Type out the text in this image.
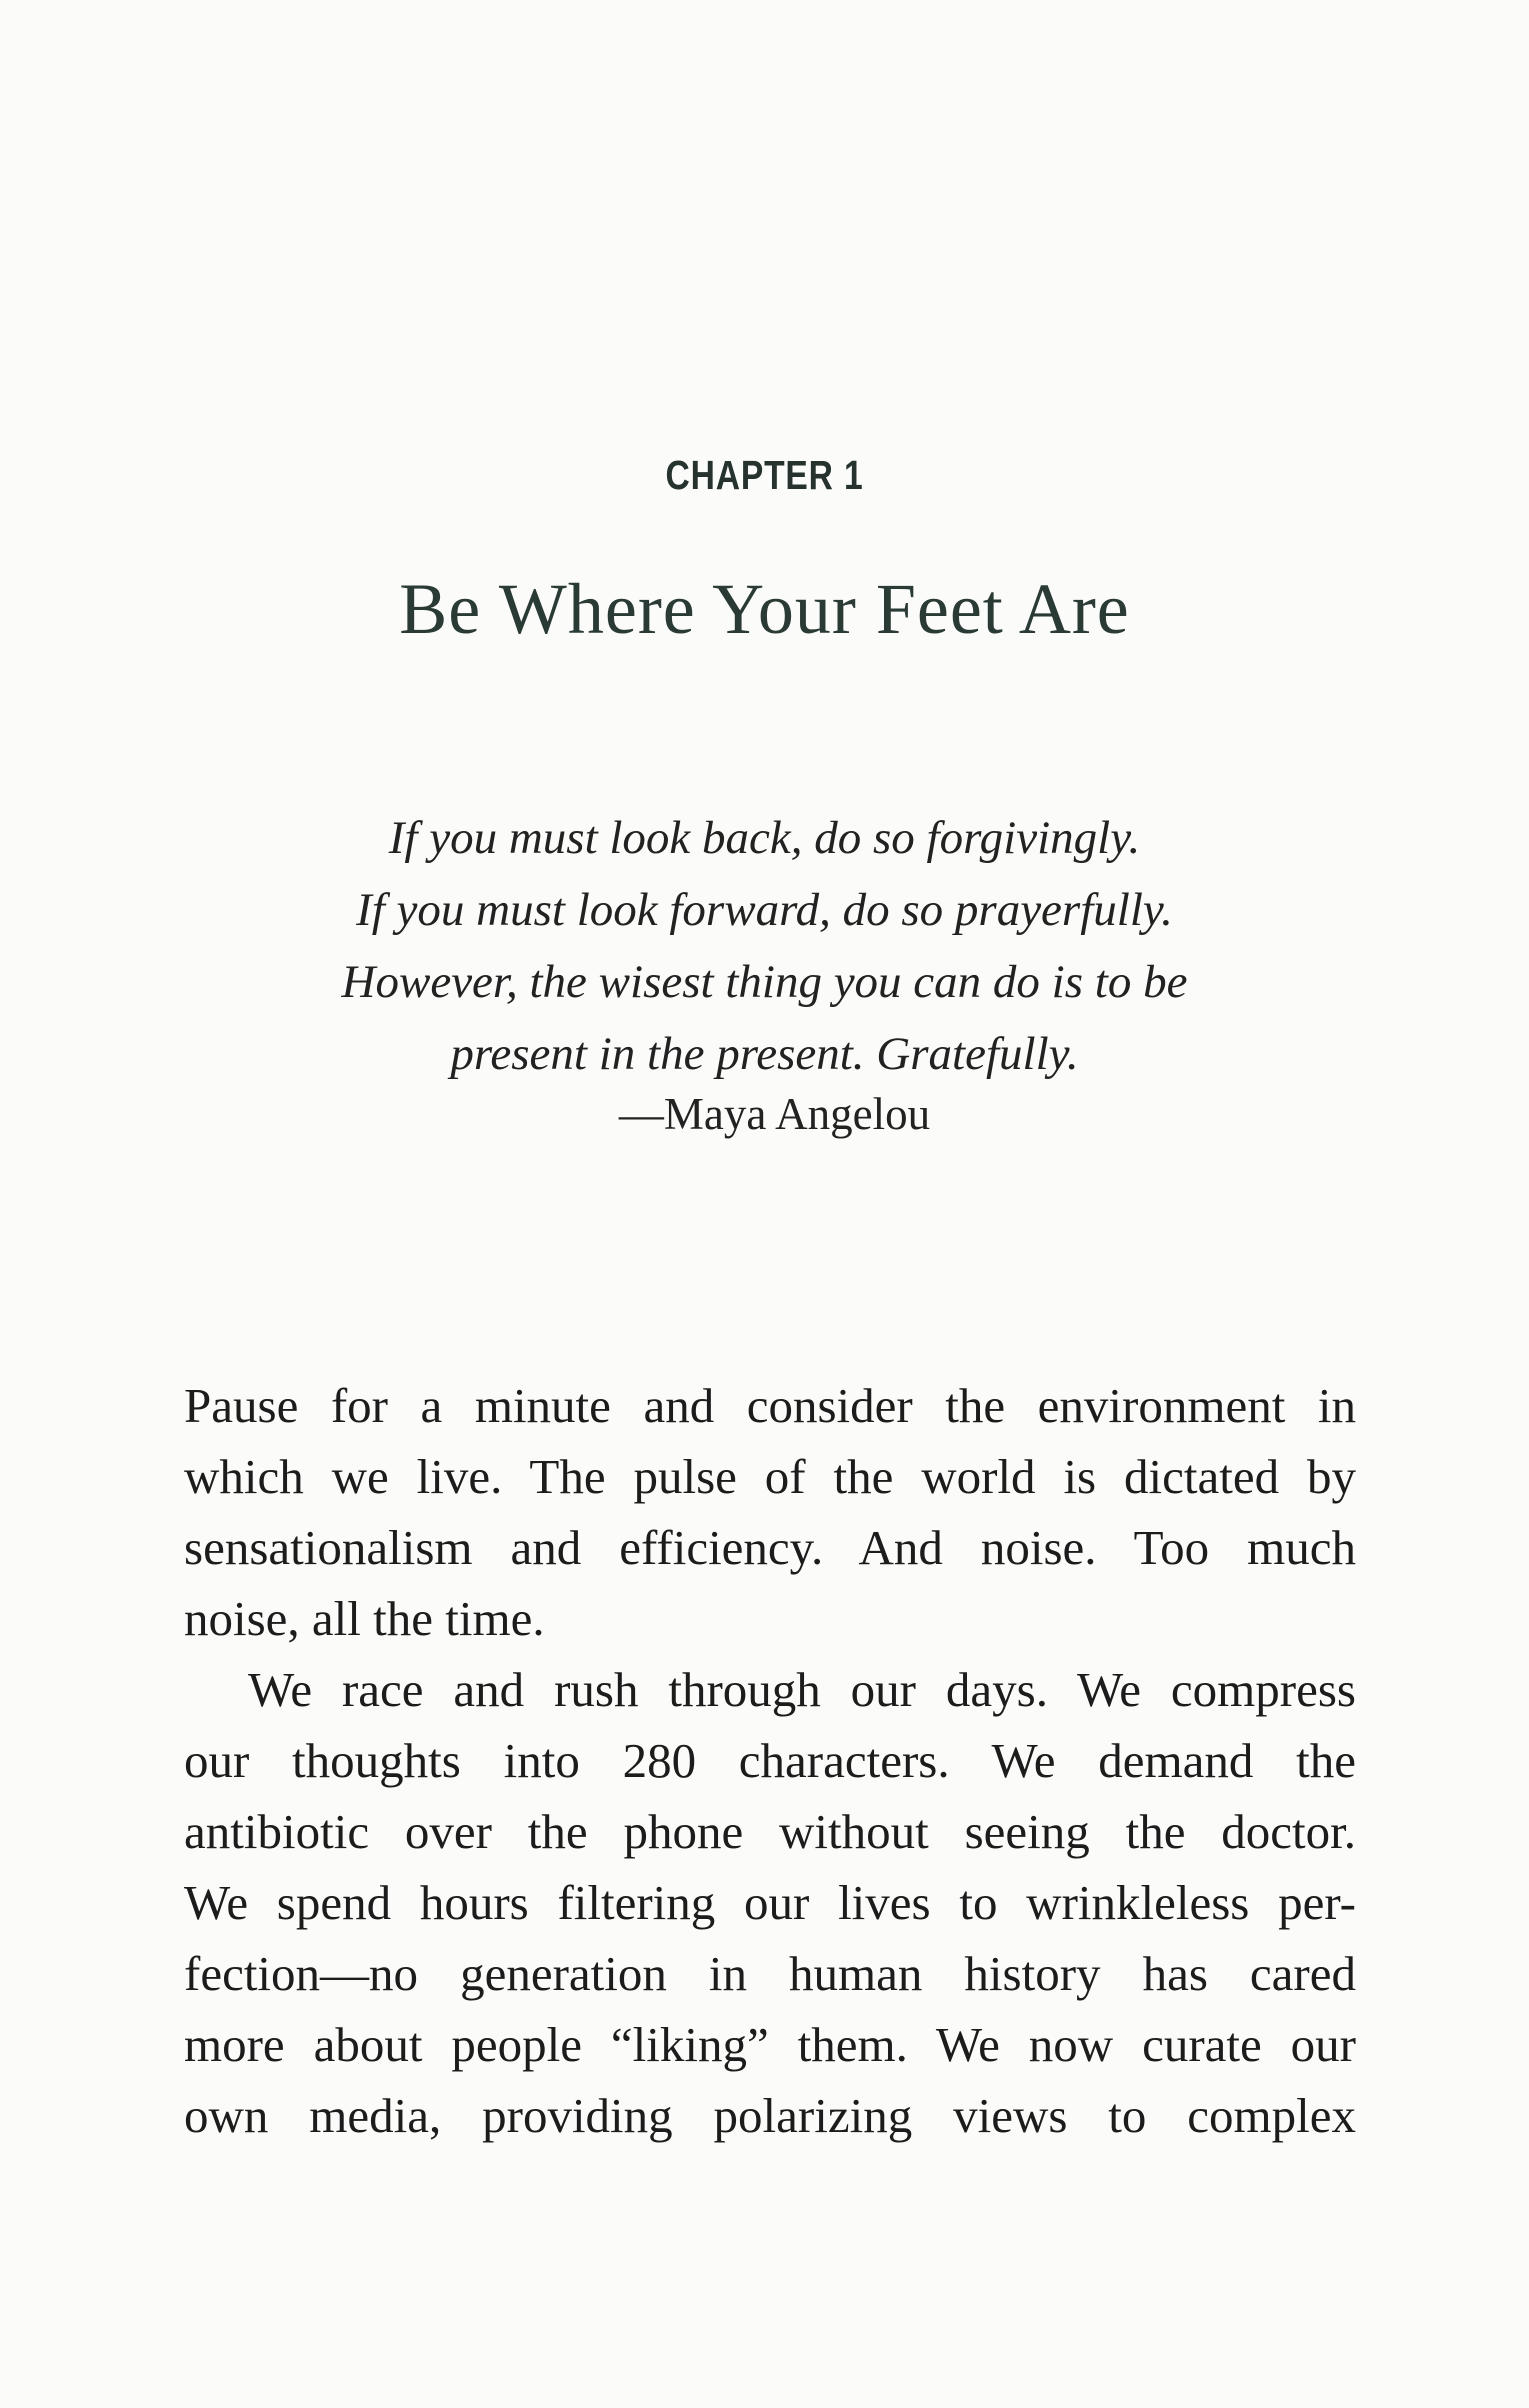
CHAPTER 1
Be Where Your Feet Are
If you must look back, do so forgivingly.
If you must look forward, do so prayerfully.
However, the wisest thing you can do is to be
present in the present. Gratefully.
—Maya Angelou
Pause for a minute and consider the environment in
which we live. The pulse of the world is dictated by
sensationalism and efficiency. And noise. Too much
noise, all the time.
We race and rush through our days. We compress
our thoughts into 280 characters. We demand the
antibiotic over the phone without seeing the doctor.
We spend hours filtering our lives to wrinkleless per-
fection—no generation in human history has cared
more about people “liking” them. We now curate our
own media, providing polarizing views to complex
